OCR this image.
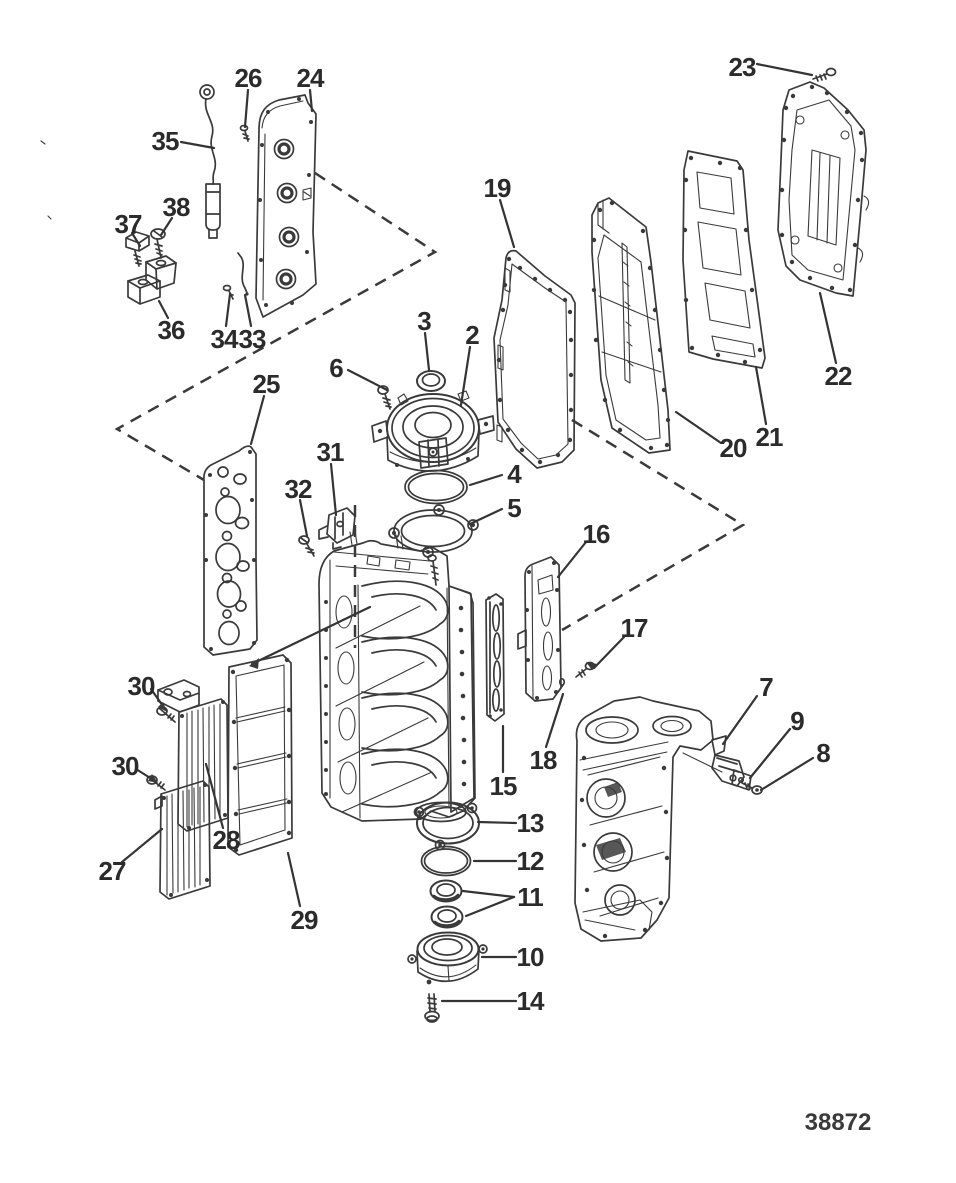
24
26
35
37
38
36 34 33
23
22
21
20
19
3 2
6
4
5
25
31
32
16
17
18
15
7
9
8
13
12
11
10
14
30
30
28
27
29
38872
